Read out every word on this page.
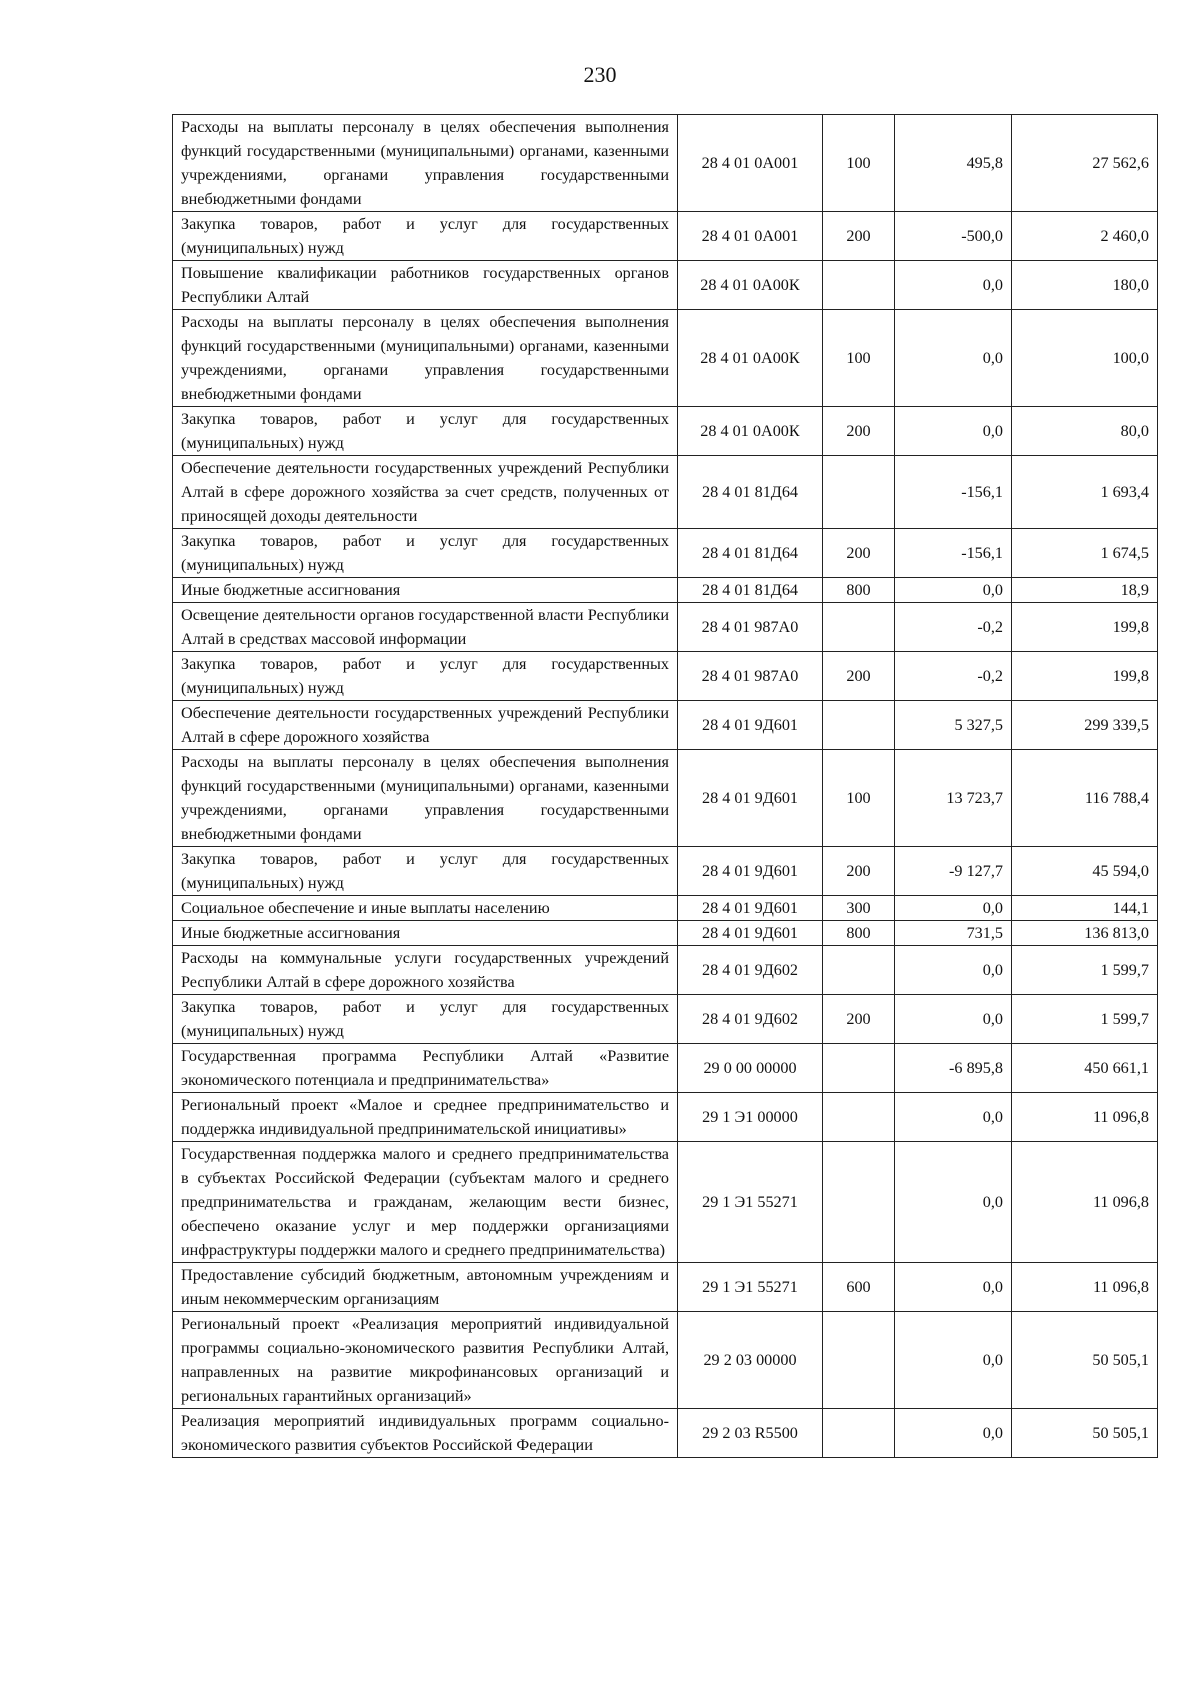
230
Расходы на выплаты персоналу в целях обеспечения выполнения функций государственными (муниципальными) органами, казенными учреждениями, органами управления государственными внебюджетными фондами	28 4 01 0А001	100	495,8	27 562,6
Закупка товаров, работ и услуг для государственных (муниципальных) нужд	28 4 01 0А001	200	-500,0	2 460,0
Повышение квалификации работников государственных органов Республики Алтай	28 4 01 0А00К		0,0	180,0
Расходы на выплаты персоналу в целях обеспечения выполнения функций государственными (муниципальными) органами, казенными учреждениями, органами управления государственными внебюджетными фондами	28 4 01 0А00К	100	0,0	100,0
Закупка товаров, работ и услуг для государственных (муниципальных) нужд	28 4 01 0А00К	200	0,0	80,0
Обеспечение деятельности государственных учреждений Республики Алтай в сфере дорожного хозяйства за счет средств, полученных от приносящей доходы деятельности	28 4 01 81Д64		-156,1	1 693,4
Закупка товаров, работ и услуг для государственных (муниципальных) нужд	28 4 01 81Д64	200	-156,1	1 674,5
Иные бюджетные ассигнования	28 4 01 81Д64	800	0,0	18,9
Освещение деятельности органов государственной власти Республики Алтай в средствах массовой информации	28 4 01 987А0		-0,2	199,8
Закупка товаров, работ и услуг для государственных (муниципальных) нужд	28 4 01 987А0	200	-0,2	199,8
Обеспечение деятельности государственных учреждений Республики Алтай в сфере дорожного хозяйства	28 4 01 9Д601		5 327,5	299 339,5
Расходы на выплаты персоналу в целях обеспечения выполнения функций государственными (муниципальными) органами, казенными учреждениями, органами управления государственными внебюджетными фондами	28 4 01 9Д601	100	13 723,7	116 788,4
Закупка товаров, работ и услуг для государственных (муниципальных) нужд	28 4 01 9Д601	200	-9 127,7	45 594,0
Социальное обеспечение и иные выплаты населению	28 4 01 9Д601	300	0,0	144,1
Иные бюджетные ассигнования	28 4 01 9Д601	800	731,5	136 813,0
Расходы на коммунальные услуги государственных учреждений Республики Алтай в сфере дорожного хозяйства	28 4 01 9Д602		0,0	1 599,7
Закупка товаров, работ и услуг для государственных (муниципальных) нужд	28 4 01 9Д602	200	0,0	1 599,7
Государственная программа Республики Алтай «Развитие экономического потенциала и предпринимательства»	29 0 00 00000		-6 895,8	450 661,1
Региональный проект «Малое и среднее предпринимательство и поддержка индивидуальной предпринимательской инициативы»	29 1 Э1 00000		0,0	11 096,8
Государственная поддержка малого и среднего предпринимательства в субъектах Российской Федерации (субъектам малого и среднего предпринимательства и гражданам, желающим вести бизнес, обеспечено оказание услуг и мер поддержки организациями инфраструктуры поддержки малого и среднего предпринимательства)	29 1 Э1 55271		0,0	11 096,8
Предоставление субсидий бюджетным, автономным учреждениям и иным некоммерческим организациям	29 1 Э1 55271	600	0,0	11 096,8
Региональный проект «Реализация мероприятий индивидуальной программы социально-экономического развития Республики Алтай, направленных на развитие микрофинансовых организаций и региональных гарантийных организаций»	29 2 03 00000		0,0	50 505,1
Реализация мероприятий индивидуальных программ социально-экономического развития субъектов Российской Федерации	29 2 03 R5500		0,0	50 505,1
